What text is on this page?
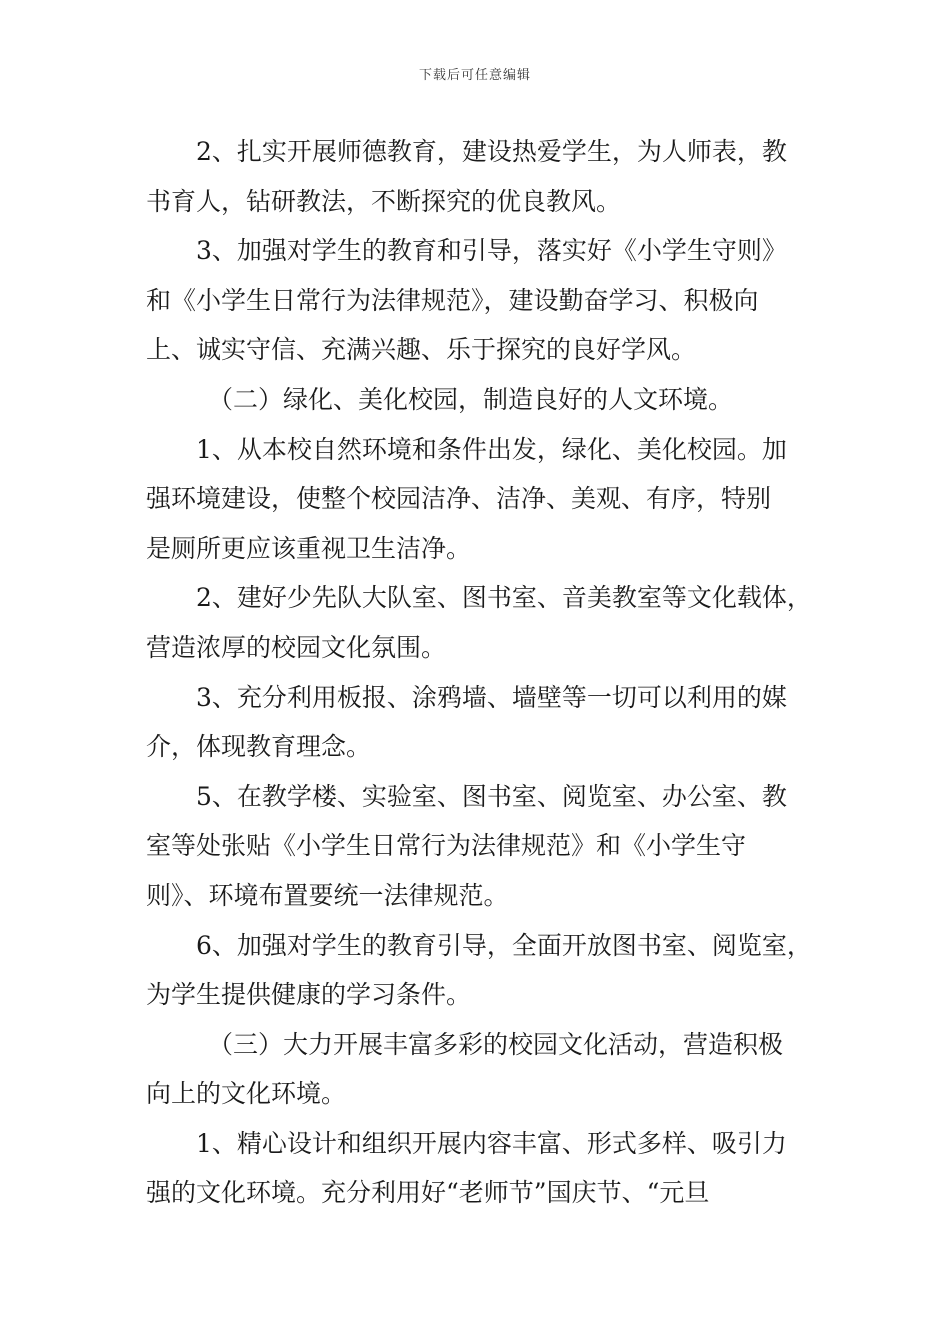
下载后可任意编辑
2、扎实开展师德教育，建设热爱学生，为人师表，教
书育人，钻研教法，不断探究的优良教风。
3、加强对学生的教育和引导，落实好《小学生守则》
和《小学生日常行为法律规范》，建设勤奋学习、积极向
上、诚实守信、充满兴趣、乐于探究的良好学风。
（二）绿化、美化校园，制造良好的人文环境。
1、从本校自然环境和条件出发，绿化、美化校园。加
强环境建设，使整个校园洁净、洁净、美观、有序，特别
是厕所更应该重视卫生洁净。
2、建好少先队大队室、图书室、音美教室等文化载体，
营造浓厚的校园文化氛围。
3、充分利用板报、涂鸦墙、墙壁等一切可以利用的媒
介，体现教育理念。
5、在教学楼、实验室、图书室、阅览室、办公室、教
室等处张贴《小学生日常行为法律规范》和《小学生守
则》、环境布置要统一法律规范。
6、加强对学生的教育引导，全面开放图书室、阅览室，
为学生提供健康的学习条件。
（三）大力开展丰富多彩的校园文化活动，营造积极
向上的文化环境。
1、精心设计和组织开展内容丰富、形式多样、吸引力
强的文化环境。充分利用好“老师节”国庆节、“元旦
